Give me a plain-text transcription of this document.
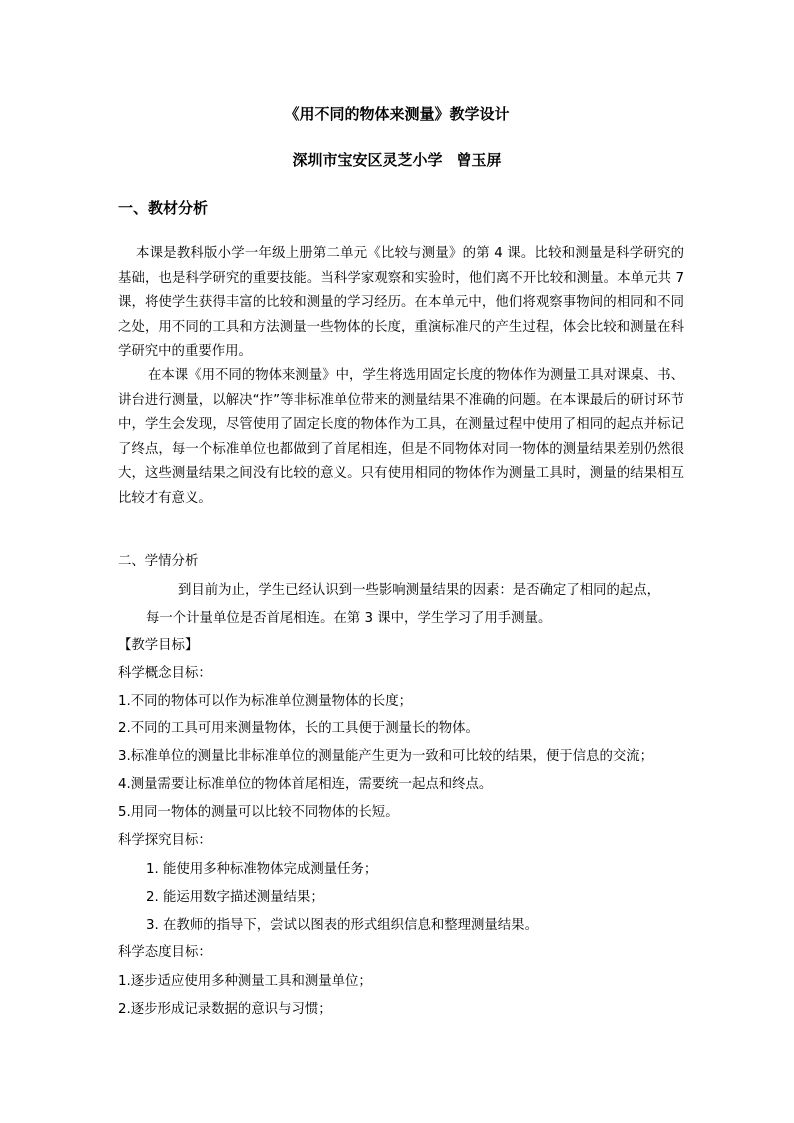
《用不同的物体来测量》教学设计
深圳市宝安区灵芝小学 曾玉屏
一、教材分析
本课是教科版小学一年级上册第二单元《比较与测量》的第 4 课。比较和测量是科学研究的基础，也是科学研究的重要技能。当科学家观察和实验时，他们离不开比较和测量。本单元共 7 课，将使学生获得丰富的比较和测量的学习经历。在本单元中，他们将观察事物间的相同和不同之处，用不同的工具和方法测量一些物体的长度，重演标准尺的产生过程，体会比较和测量在科学研究中的重要作用。
在本课《用不同的物体来测量》中，学生将选用固定长度的物体作为测量工具对课桌、书、讲台进行测量，以解决“拃”等非标准单位带来的测量结果不准确的问题。在本课最后的研讨环节中，学生会发现，尽管使用了固定长度的物体作为工具，在测量过程中使用了相同的起点并标记了终点，每一个标准单位也都做到了首尾相连，但是不同物体对同一物体的测量结果差别仍然很大，这些测量结果之间没有比较的意义。只有使用相同的物体作为测量工具时，测量的结果相互比较才有意义。
二、学情分析
到目前为止，学生已经认识到一些影响测量结果的因素：是否确定了相同的起点，
每一个计量单位是否首尾相连。在第 3 课中，学生学习了用手测量。
【教学目标】
科学概念目标：
1.不同的物体可以作为标准单位测量物体的长度；
2.不同的工具可用来测量物体，长的工具便于测量长的物体。
3.标准单位的测量比非标准单位的测量能产生更为一致和可比较的结果，便于信息的交流；
4.测量需要让标准单位的物体首尾相连，需要统一起点和终点。
5.用同一物体的测量可以比较不同物体的长短。
科学探究目标：
1. 能使用多种标准物体完成测量任务；
2. 能运用数字描述测量结果；
3. 在教师的指导下，尝试以图表的形式组织信息和整理测量结果。
科学态度目标：
1.逐步适应使用多种测量工具和测量单位；
2.逐步形成记录数据的意识与习惯；
